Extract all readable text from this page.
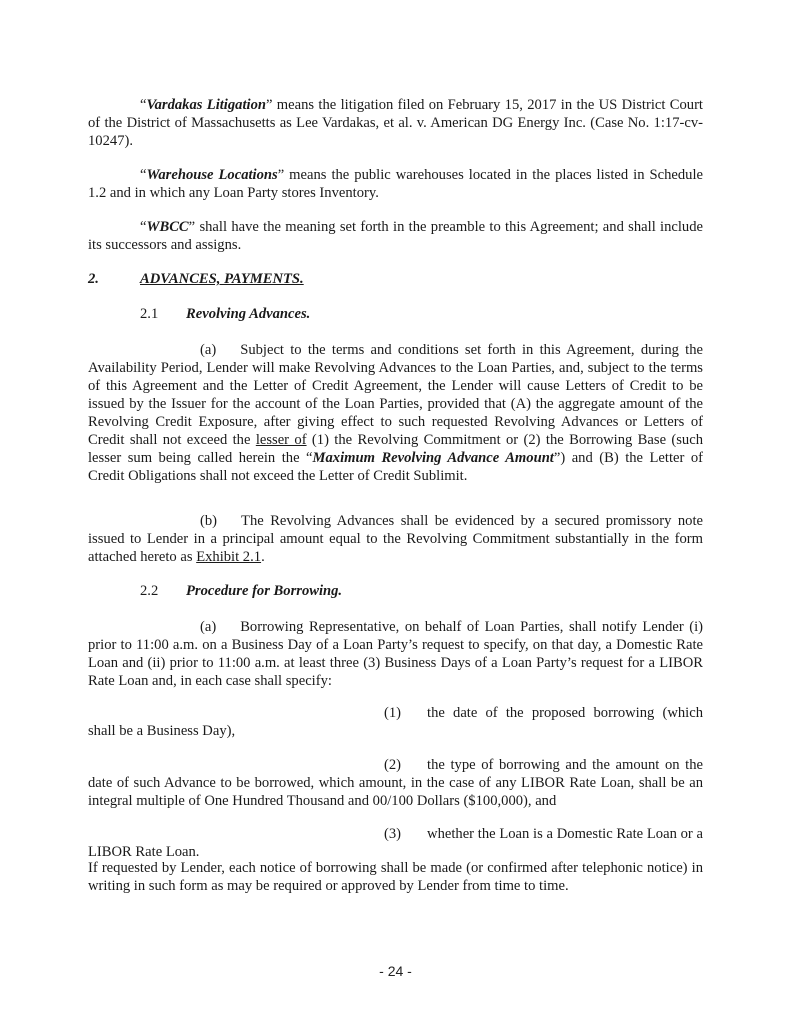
“Vardakas Litigation” means the litigation filed on February 15, 2017 in the US District Court of the District of Massachusetts as Lee Vardakas, et al. v. American DG Energy Inc. (Case No. 1:17-cv-10247).

“Warehouse Locations” means the public warehouses located in the places listed in Schedule 1.2 and in which any Loan Party stores Inventory.

“WBCC” shall have the meaning set forth in the preamble to this Agreement; and shall include its successors and assigns.

2.	ADVANCES, PAYMENTS.

2.1 Revolving Advances.

(a) Subject to the terms and conditions set forth in this Agreement, during the Availability Period, Lender will make Revolving Advances to the Loan Parties, and, subject to the terms of this Agreement and the Letter of Credit Agreement, the Lender will cause Letters of Credit to be issued by the Issuer for the account of the Loan Parties, provided that (A) the aggregate amount of the Revolving Credit Exposure, after giving effect to such requested Revolving Advances or Letters of Credit shall not exceed the lesser of (1) the Revolving Commitment or (2) the Borrowing Base (such lesser sum being called herein the “Maximum Revolving Advance Amount”) and (B) the Letter of Credit Obligations shall not exceed the Letter of Credit Sublimit.

(b) The Revolving Advances shall be evidenced by a secured promissory note issued to Lender in a principal amount equal to the Revolving Commitment substantially in the form attached hereto as Exhibit 2.1.

2.2 Procedure for Borrowing.

(a) Borrowing Representative, on behalf of Loan Parties, shall notify Lender (i) prior to 11:00 a.m. on a Business Day of a Loan Party’s request to specify, on that day, a Domestic Rate Loan and (ii) prior to 11:00 a.m. at least three (3) Business Days of a Loan Party’s request for a LIBOR Rate Loan and, in each case shall specify:

(1) the date of the proposed borrowing (which shall be a Business Day),

(2) the type of borrowing and the amount on the date of such Advance to be borrowed, which amount, in the case of any LIBOR Rate Loan, shall be an integral multiple of One Hundred Thousand and 00/100 Dollars ($100,000), and

(3) whether the Loan is a Domestic Rate Loan or a LIBOR Rate Loan.

If requested by Lender, each notice of borrowing shall be made (or confirmed after telephonic notice) in writing in such form as may be required or approved by Lender from time to time.

- 24 -
